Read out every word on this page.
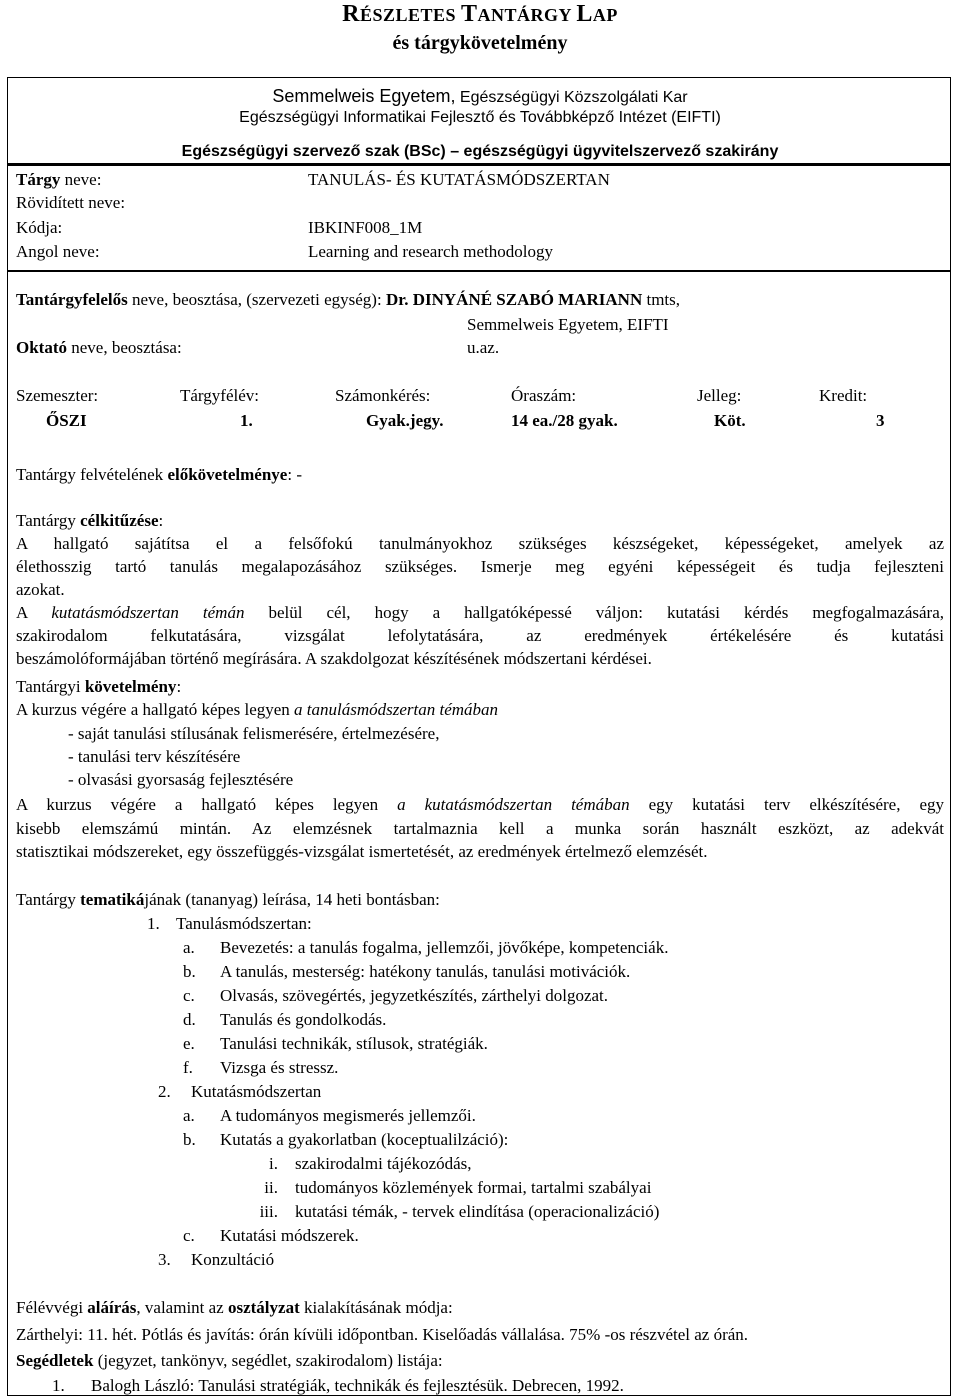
RÉSZLETES TANTÁRGY LAP
és tárgykövetelmény
Semmelweis Egyetem, Egészségügyi Közszolgálati Kar
Egészségügyi Informatikai Fejlesztő és Továbbképző Intézet (EIFTI)
Egészségügyi szervező szak (BSc) – egészségügyi ügyvitelszervező szakirány
Tárgy neve:	TANULÁS- ÉS KUTATÁSMÓDSZERTAN
Rövidített neve:
Kódja:	IBKINF008_1M
Angol neve:	Learning and research methodology
Tantárgyfelelős neve, beosztása, (szervezeti egység): Dr. DINYÁNÉ SZABÓ MARIANN tmts,
Semmelweis Egyetem, EIFTI
Oktató neve, beosztása:	u.az.
Szemeszter:
ŐSZI
Tárgyfélév:
1.
Számonkérés:
Gyak.jegy.
Óraszám:
14 ea./28 gyak.
Jelleg:
Köt.
Kredit:
3
Tantárgy felvételének előkövetelménye: -
Tantárgy célkitűzése:
A hallgató sajátítsa el a felsőfokú tanulmányokhoz szükséges készségeket, képességeket, amelyek az
élethosszig tartó tanulás megalapozásához szükséges. Ismerje meg egyéni képességeit és tudja fejleszteni
azokat.
A kutatásmódszertan témán belül cél, hogy a hallgatóképessé váljon: kutatási kérdés megfogalmazására,
szakirodalom felkutatására, vizsgálat lefolytatására, az eredmények értékelésére és kutatási
beszámolóformájában történő megírására. A szakdolgozat készítésének módszertani kérdései.
Tantárgyi követelmény:
A kurzus végére a hallgató képes legyen a tanulásmódszertan témában
- saját tanulási stílusának felismerésére, értelmezésére,
- tanulási terv készítésére
- olvasási gyorsaság fejlesztésére
A kurzus végére a hallgató képes legyen a kutatásmódszertan témában egy kutatási terv elkészítésére, egy
kisebb elemszámú mintán. Az elemzésnek tartalmaznia kell a munka során használt eszközt, az adekvát
statisztikai módszereket, egy összefüggés-vizsgálat ismertetését, az eredmények értelmező elemzését.
Tantárgy tematikájának (tananyag) leírása, 14 heti bontásban:
1. Tanulásmódszertan:
a. Bevezetés: a tanulás fogalma, jellemzői, jövőképe, kompetenciák.
b. A tanulás, mesterség: hatékony tanulás, tanulási motivációk.
c. Olvasás, szövegértés, jegyzetkészítés, zárthelyi dolgozat.
d. Tanulás és gondolkodás.
e. Tanulási technikák, stílusok, stratégiák.
f. Vizsga és stressz.
2. Kutatásmódszertan
a. A tudományos megismerés jellemzői.
b. Kutatás a gyakorlatban (koceptualilzáció):
i. szakirodalmi tájékozódás,
ii. tudományos közlemények formai, tartalmi szabályai
iii. kutatási témák, - tervek elindítása (operacionalizáció)
c. Kutatási módszerek.
3. Konzultáció
Félévvégi aláírás, valamint az osztályzat kialakításának módja:
Zárthelyi: 11. hét. Pótlás és javítás: órán kívüli időpontban. Kiselőadás vállalása. 75% -os részvétel az órán.
Segédletek (jegyzet, tankönyv, segédlet, szakirodalom) listája:
1. Balogh László: Tanulási stratégiák, technikák és fejlesztésük. Debrecen, 1992.
